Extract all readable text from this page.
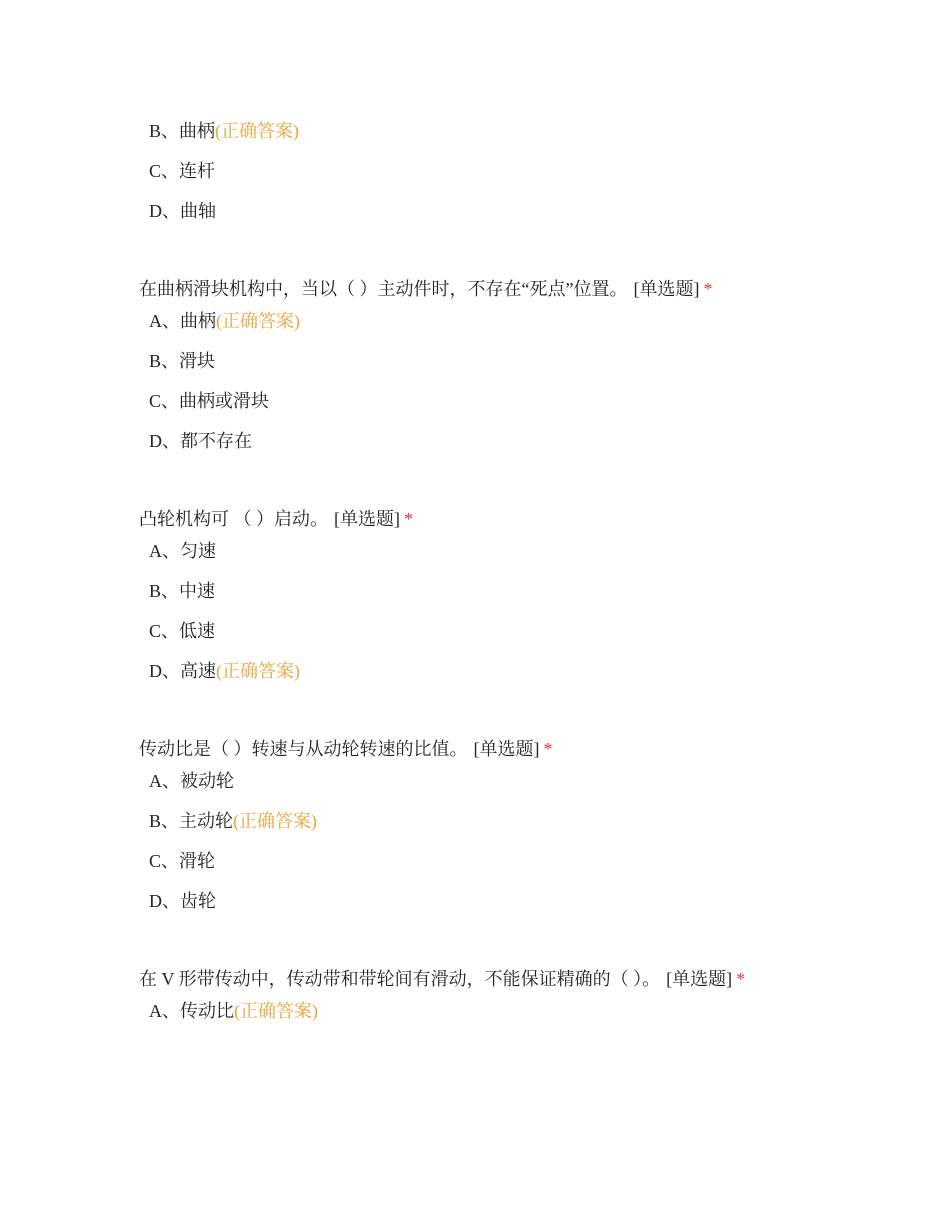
B、曲柄(正确答案)
C、连杆
D、曲轴
在曲柄滑块机构中，当以（ ）主动件时，不存在“死点”位置。 [单选题] *
A、曲柄(正确答案)
B、滑块
C、曲柄或滑块
D、都不存在
凸轮机构可 （ ）启动。 [单选题] *
A、匀速
B、中速
C、低速
D、高速(正确答案)
传动比是（ ）转速与从动轮转速的比值。 [单选题] *
A、被动轮
B、主动轮(正确答案)
C、滑轮
D、齿轮
在 V 形带传动中，传动带和带轮间有滑动，不能保证精确的（ ）。 [单选题] *
A、传动比(正确答案)
